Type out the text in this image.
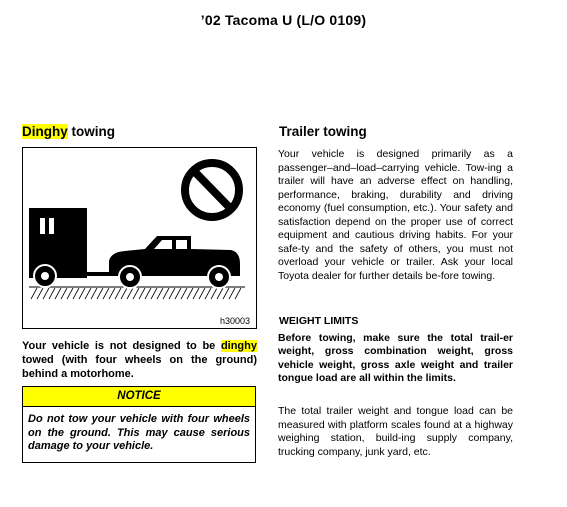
’02 Tacoma U (L/O 0109)
Dinghy towing
h30003
Your vehicle is not designed to be dinghy towed (with four wheels on the ground) behind a motorhome.
NOTICE
Do not tow your vehicle with four wheels on the ground. This may cause serious damage to your vehicle.
Trailer towing
Your vehicle is designed primarily as a passenger–and–load–carrying vehicle. Tow-ing a trailer will have an adverse effect on handling, performance, braking, durability and driving economy (fuel consumption, etc.). Your safety and satisfaction depend on the proper use of correct equipment and cautious driving habits. For your safe-ty and the safety of others, you must not overload your vehicle or trailer. Ask your local Toyota dealer for further details be-fore towing.
WEIGHT LIMITS
Before towing, make sure the total trail-er weight, gross combination weight, gross vehicle weight, gross axle weight and trailer tongue load are all within the limits.
The total trailer weight and tongue load can be measured with platform scales found at a highway weighing station, build-ing supply company, trucking company, junk yard, etc.
